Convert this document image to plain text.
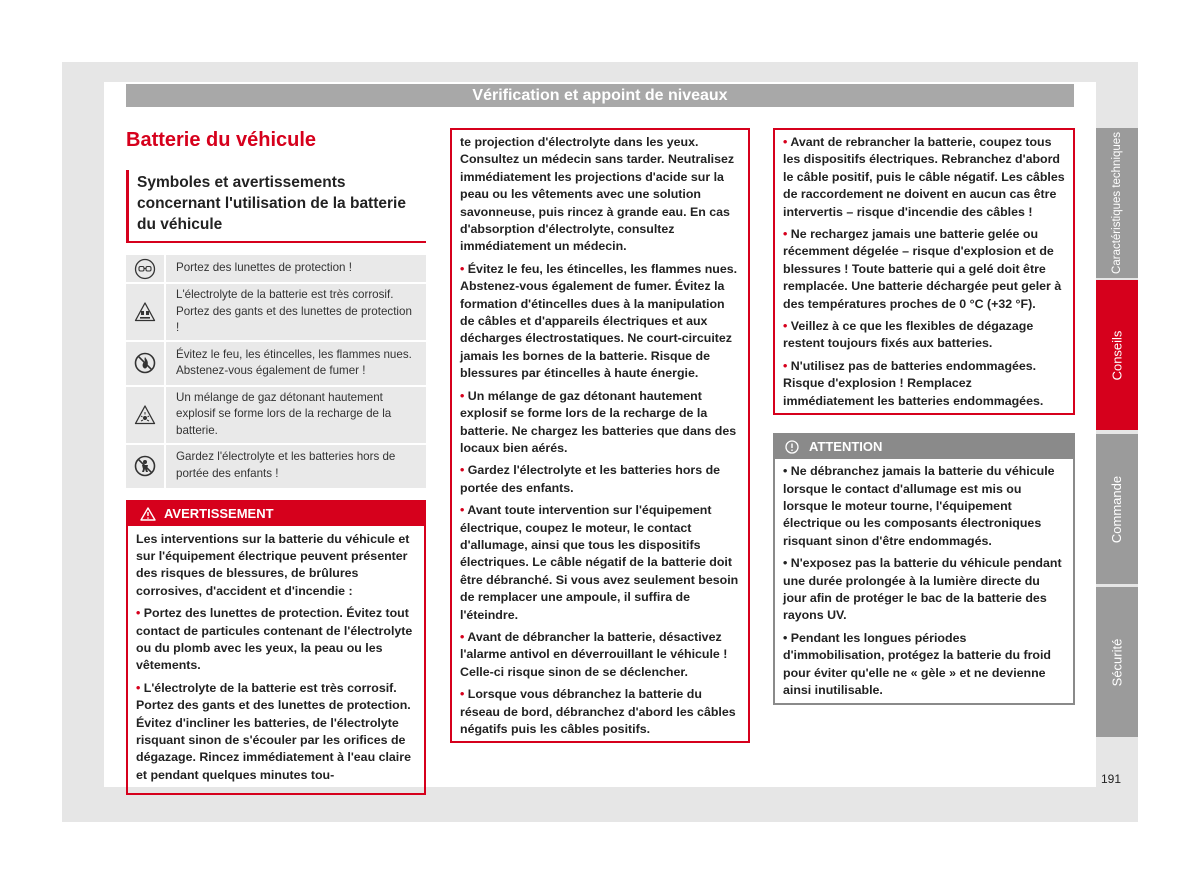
Vérification et appoint de niveaux
Batterie du véhicule
Symboles et avertissements concernant l'utilisation de la batterie du véhicule
Portez des lunettes de protection !
L'électrolyte de la batterie est très corrosif. Portez des gants et des lunettes de protection !
Évitez le feu, les étincelles, les flammes nues. Abstenez-vous également de fumer !
Un mélange de gaz détonant hautement explosif se forme lors de la recharge de la batterie.
Gardez l'électrolyte et les batteries hors de portée des enfants !
AVERTISSEMENT

Les interventions sur la batterie du véhicule et sur l'équipement électrique peuvent présenter des risques de blessures, de brûlures corrosives, d'accident et d'incendie :

• Portez des lunettes de protection. Évitez tout contact de particules contenant de l'électrolyte ou du plomb avec les yeux, la peau ou les vêtements.

• L'électrolyte de la batterie est très corrosif. Portez des gants et des lunettes de protection. Évitez d'incliner les batteries, de l'électrolyte risquant sinon de s'écouler par les orifices de dégazage. Rincez immédiatement à l'eau claire et pendant quelques minutes tou-

te projection d'électrolyte dans les yeux. Consultez un médecin sans tarder. Neutralisez immédiatement les projections d'acide sur la peau ou les vêtements avec une solution savonneuse, puis rincez à grande eau. En cas d'absorption d'électrolyte, consultez immédiatement un médecin.

• Évitez le feu, les étincelles, les flammes nues. Abstenez-vous également de fumer. Évitez la formation d'étincelles dues à la manipulation de câbles et d'appareils électriques et aux décharges électrostatiques. Ne court-circuitez jamais les bornes de la batterie. Risque de blessures par étincelles à haute énergie.

• Un mélange de gaz détonant hautement explosif se forme lors de la recharge de la batterie. Ne chargez les batteries que dans des locaux bien aérés.

• Gardez l'électrolyte et les batteries hors de portée des enfants.

• Avant toute intervention sur l'équipement électrique, coupez le moteur, le contact d'allumage, ainsi que tous les dispositifs électriques. Le câble négatif de la batterie doit être débranché. Si vous avez seulement besoin de remplacer une ampoule, il suffira de l'éteindre.

• Avant de débrancher la batterie, désactivez l'alarme antivol en déverrouillant le véhicule ! Celle-ci risque sinon de se déclencher.

• Lorsque vous débranchez la batterie du réseau de bord, débranchez d'abord les câbles négatifs puis les câbles positifs.

• Avant de rebrancher la batterie, coupez tous les dispositifs électriques. Rebranchez d'abord le câble positif, puis le câble négatif. Les câbles de raccordement ne doivent en aucun cas être intervertis – risque d'incendie des câbles !

• Ne rechargez jamais une batterie gelée ou récemment dégelée – risque d'explosion et de blessures ! Toute batterie qui a gelé doit être remplacée. Une batterie déchargée peut geler à des températures proches de 0 °C (+32 °F).

• Veillez à ce que les flexibles de dégazage restent toujours fixés aux batteries.

• N'utilisez pas de batteries endommagées. Risque d'explosion ! Remplacez immédiatement les batteries endommagées.

ATTENTION

• Ne débranchez jamais la batterie du véhicule lorsque le contact d'allumage est mis ou lorsque le moteur tourne, l'équipement électrique ou les composants électroniques risquant sinon d'être endommagés.

• N'exposez pas la batterie du véhicule pendant une durée prolongée à la lumière directe du jour afin de protéger le bac de la batterie des rayons UV.

• Pendant les longues périodes d'immobilisation, protégez la batterie du froid pour éviter qu'elle ne « gèle » et ne devienne ainsi inutilisable.

Caractéristiques techniques
Conseils
Commande
Sécurité
191
